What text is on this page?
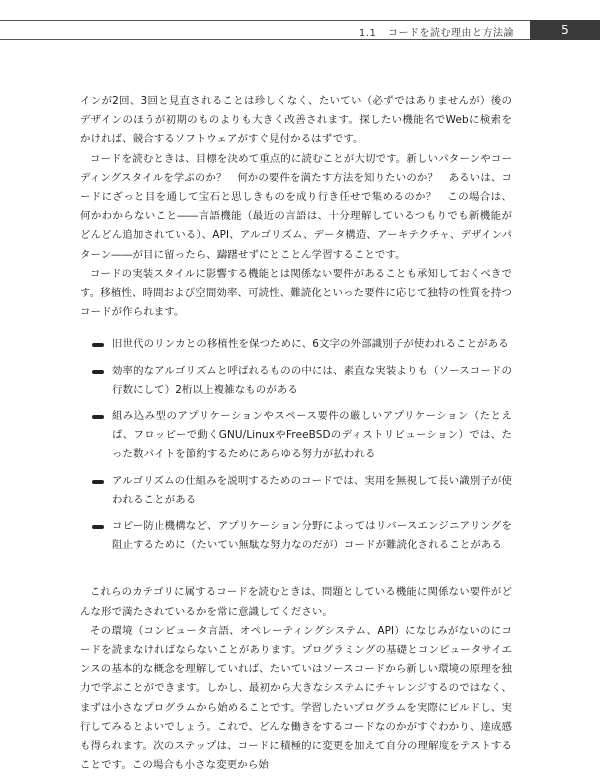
1.1 コードを読む理由と方法論	5

インが2回、3回と見直されることは珍しくなく、たいてい（必ずではありませんが）後のデザインのほうが初期のものよりも大きく改善されます。探したい機能名でWebに検索をかければ、競合するソフトウェアがすぐ見付かるはずです。

コードを読むときは、目標を決めて重点的に読むことが大切です。新しいパターンやコーディングスタイルを学ぶのか？　何かの要件を満たす方法を知りたいのか？　あるいは、コードにざっと目を通して宝石と思しきものを成り行き任せで集めるのか？　この場合は、何かわからないこと――言語機能（最近の言語は、十分理解しているつもりでも新機能がどんどん追加されている）、API、アルゴリズム、データ構造、アーキテクチャ、デザインパターン――が目に留ったら、躊躇せずにとことん学習することです。

コードの実装スタイルに影響する機能とは関係ない要件があることも承知しておくべきです。移植性、時間および空間効率、可読性、難読化といった要件に応じて独特の性質を持つコードが作られます。

旧世代のリンカとの移植性を保つために、6文字の外部識別子が使われることがある
効率的なアルゴリズムと呼ばれるものの中には、素直な実装よりも（ソースコードの行数にして）2桁以上複雑なものがある
組み込み型のアプリケーションやスペース要件の厳しいアプリケーション（たとえば、フロッピーで動くGNU/LinuxやFreeBSDのディストリビューション）では、たった数バイトを節約するためにあらゆる努力が払われる
アルゴリズムの仕組みを説明するためのコードでは、実用を無視して長い識別子が使われることがある
コピー防止機構など、アプリケーション分野によってはリバースエンジニアリングを阻止するために（たいてい無駄な努力なのだが）コードが難読化されることがある

これらのカテゴリに属するコードを読むときは、問題としている機能に関係ない要件がどんな形で満たされているかを常に意識してください。

その環境（コンピュータ言語、オペレーティングシステム、API）になじみがないのにコードを読まなければならないことがあります。プログラミングの基礎とコンピュータサイエンスの基本的な概念を理解していれば、たいていはソースコードから新しい環境の原理を独力で学ぶことができます。しかし、最初から大きなシステムにチャレンジするのではなく、まずは小さなプログラムから始めることです。学習したいプログラムを実際にビルドし、実行してみるとよいでしょう。これで、どんな働きをするコードなのかがすぐわかり、達成感も得られます。次のステップは、コードに積極的に変更を加えて自分の理解度をテストすることです。この場合も小さな変更から始
